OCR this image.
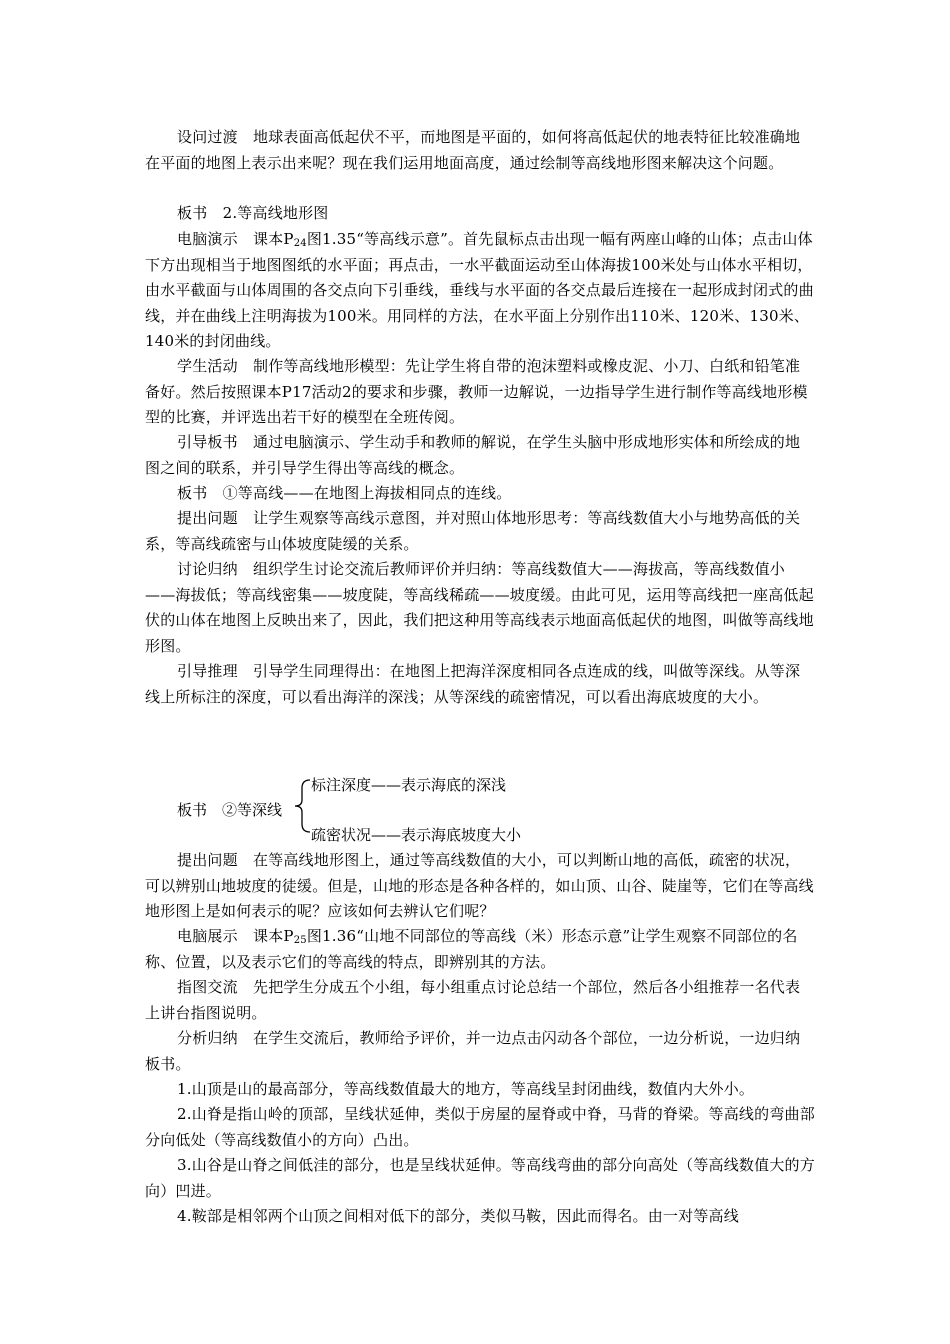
设问过渡　地球表面高低起伏不平，而地图是平面的，如何将高低起伏的地表特征比较准确地在平面的地图上表示出来呢？现在我们运用地面高度，通过绘制等高线地形图来解决这个问题。

板书　2.等高线地形图

电脑演示　课本$P_{24}$图1.35“等高线示意”。首先鼠标点击出现一幅有两座山峰的山体；点击山体下方出现相当于地图图纸的水平面；再点击，一水平截面运动至山体海拔100米处与山体水平相切，由水平截面与山体周围的各交点向下引垂线，垂线与水平面的各交点最后连接在一起形成封闭式的曲线，并在曲线上注明海拔为100米。用同样的方法，在水平面上分别作出110米、120米、130米、140米的封闭曲线。

学生活动　制作等高线地形模型：先让学生将自带的泡沫塑料或橡皮泥、小刀、白纸和铅笔准备好。然后按照课本P17活动2的要求和步骤，教师一边解说，一边指导学生进行制作等高线地形模型的比赛，并评选出若干好的模型在全班传阅。

引导板书　通过电脑演示、学生动手和教师的解说，在学生头脑中形成地形实体和所绘成的地图之间的联系，并引导学生得出等高线的概念。

板书　①等高线——在地图上海拔相同点的连线。

提出问题　让学生观察等高线示意图，并对照山体地形思考：等高线数值大小与地势高低的关系，等高线疏密与山体坡度陡缓的关系。

讨论归纳　组织学生讨论交流后教师评价并归纳：等高线数值大——海拔高，等高线数值小——海拔低；等高线密集——坡度陡，等高线稀疏——坡度缓。由此可见，运用等高线把一座高低起伏的山体在地图上反映出来了，因此，我们把这种用等高线表示地面高低起伏的地图，叫做等高线地形图。

引导推理　引导学生同理得出：在地图上把海洋深度相同各点连成的线，叫做等深线。从等深线上所标注的深度，可以看出海洋的深浅；从等深线的疏密情况，可以看出海底坡度的大小。

板书　②等深线
标注深度——表示海底的深浅
疏密状况——表示海底坡度大小

提出问题　在等高线地形图上，通过等高线数值的大小，可以判断山地的高低，疏密的状况，可以辨别山地坡度的徒缓。但是，山地的形态是各种各样的，如山顶、山谷、陡崖等，它们在等高线地形图上是如何表示的呢？应该如何去辨认它们呢？

电脑展示　课本$P_{25}$图1.36“山地不同部位的等高线（米）形态示意”让学生观察不同部位的名称、位置，以及表示它们的等高线的特点，即辨别其的方法。

指图交流　先把学生分成五个小组，每小组重点讨论总结一个部位，然后各小组推荐一名代表上讲台指图说明。

分析归纳　在学生交流后，教师给予评价，并一边点击闪动各个部位，一边分析说，一边归纳板书。

1.山顶是山的最高部分，等高线数值最大的地方，等高线呈封闭曲线，数值内大外小。

2.山脊是指山岭的顶部，呈线状延伸，类似于房屋的屋脊或中脊，马背的脊梁。等高线的弯曲部分向低处（等高线数值小的方向）凸出。

3.山谷是山脊之间低洼的部分，也是呈线状延伸。等高线弯曲的部分向高处（等高线数值大的方向）凹进。

4.鞍部是相邻两个山顶之间相对低下的部分，类似马鞍，因此而得名。由一对等高线
